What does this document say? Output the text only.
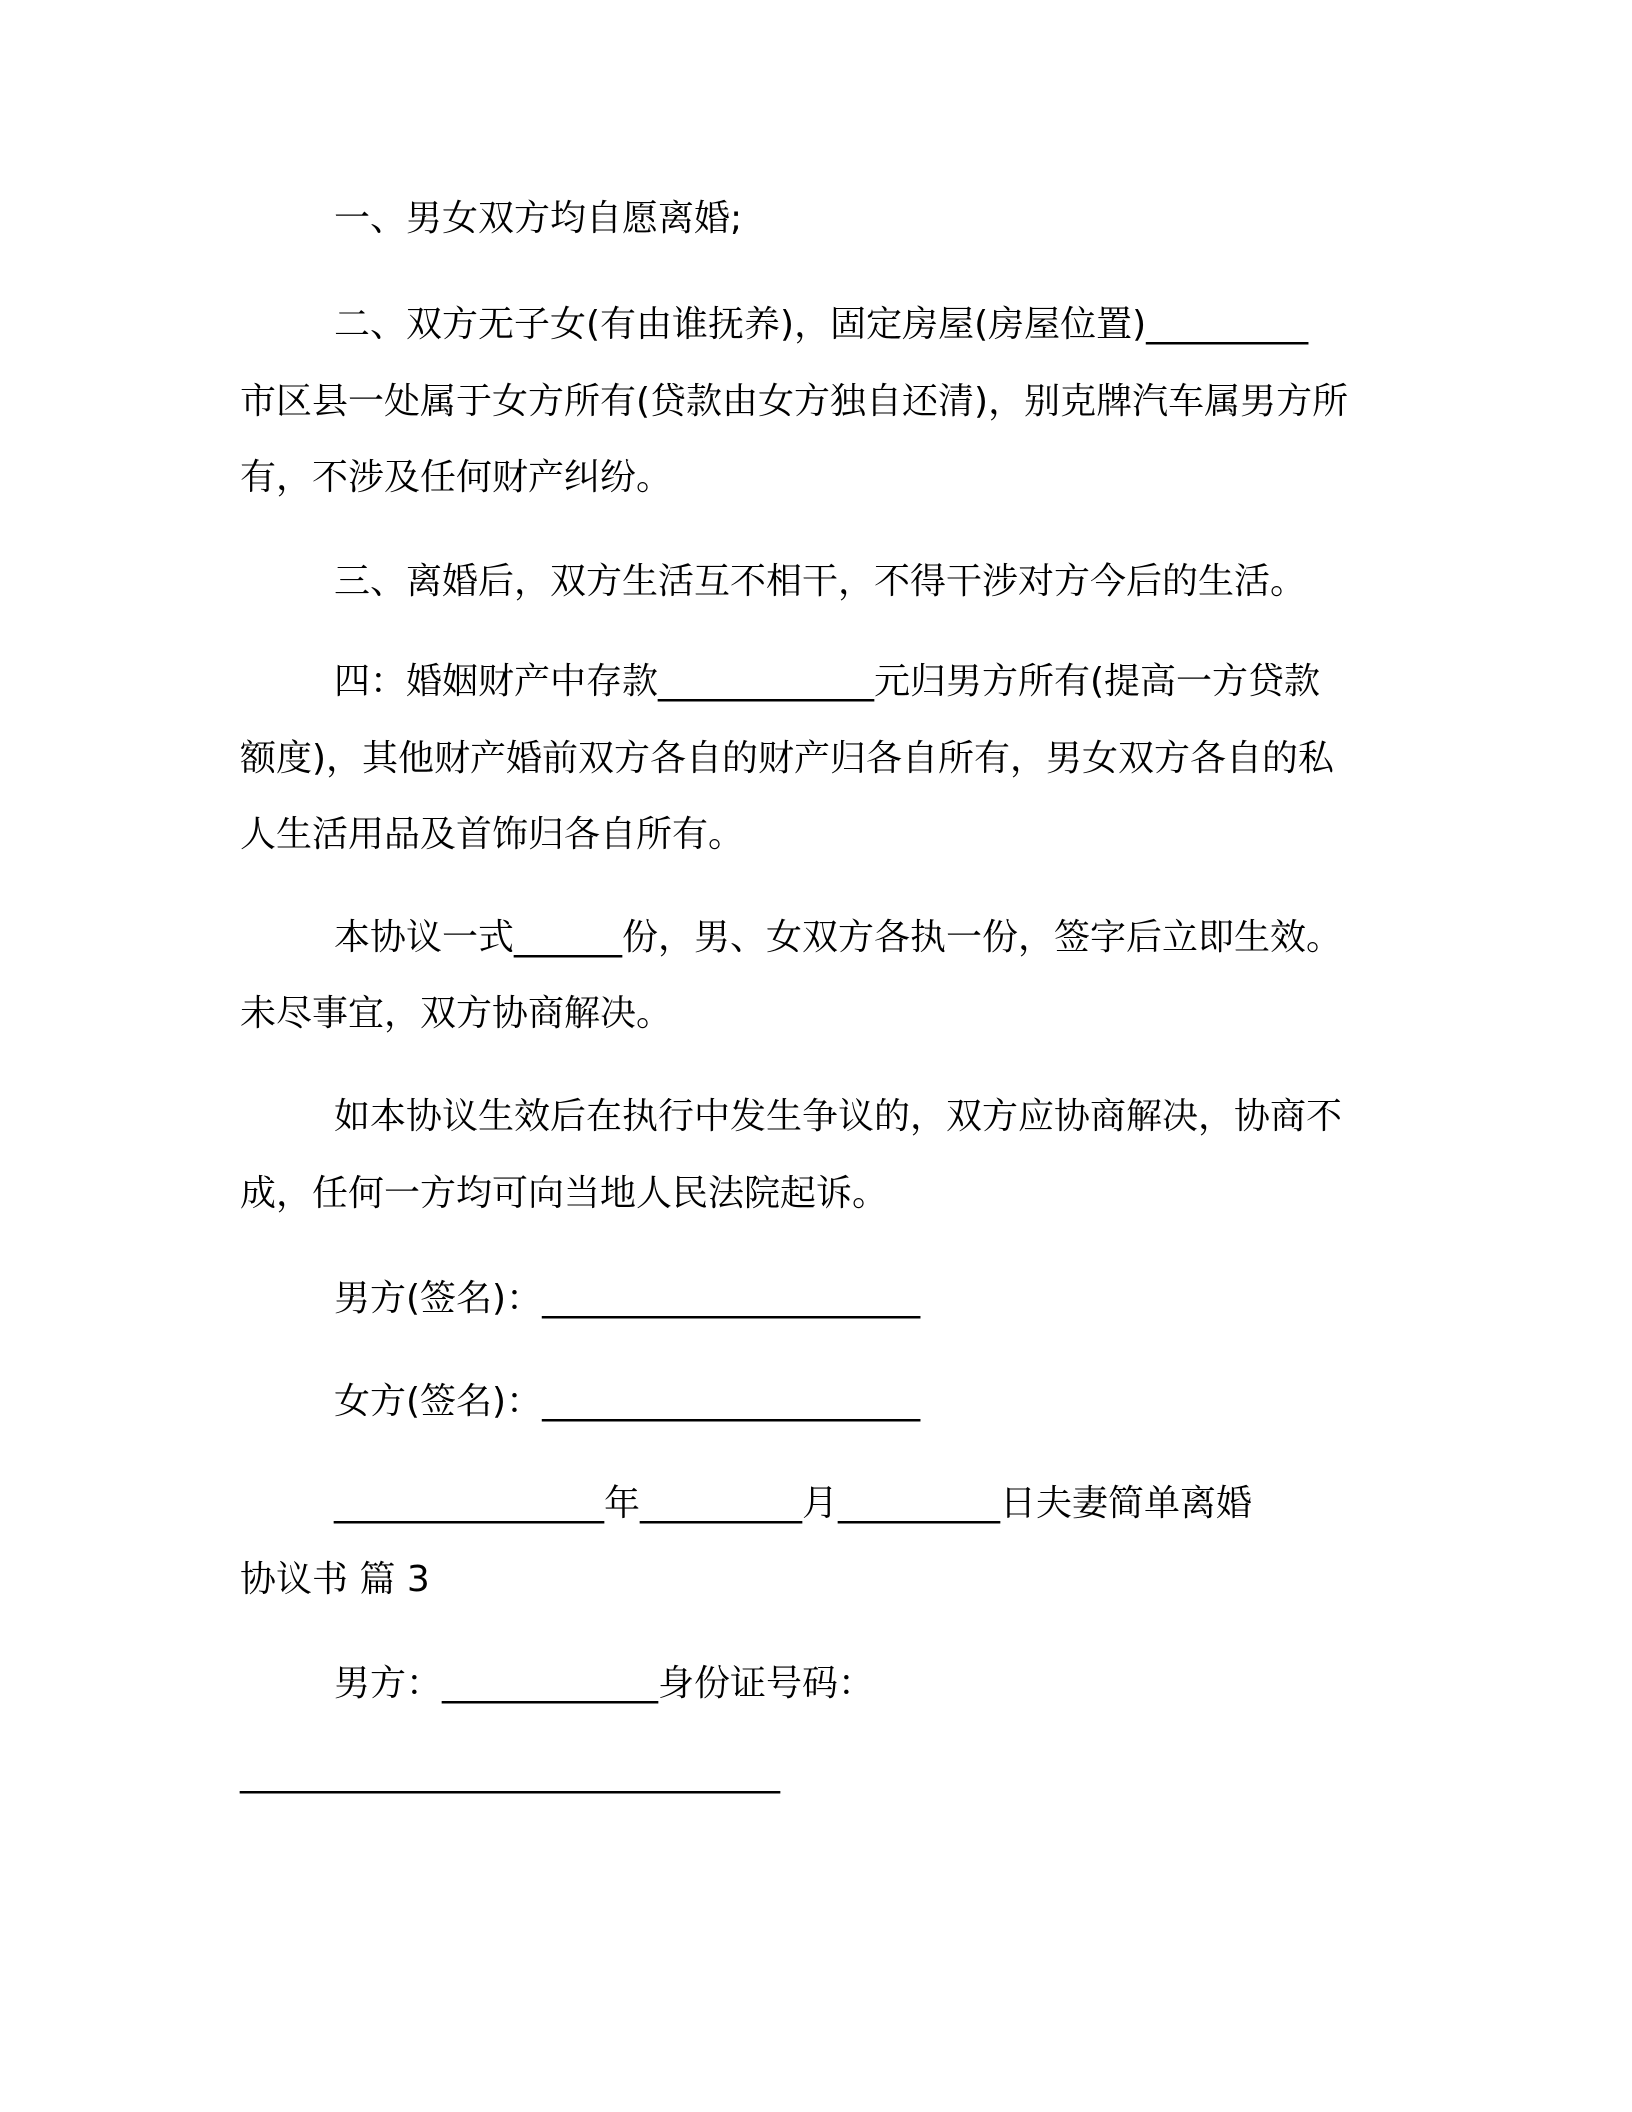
一、男女双方均自愿离婚;
二、双方无子女(有由谁抚养)，固定房屋(房屋位置)_________
市区县一处属于女方所有(贷款由女方独自还清)，别克牌汽车属男方所
有，不涉及任何财产纠纷。
三、离婚后，双方生活互不相干，不得干涉对方今后的生活。
四：婚姻财产中存款____________元归男方所有(提高一方贷款
额度)，其他财产婚前双方各自的财产归各自所有，男女双方各自的私
人生活用品及首饰归各自所有。
本协议一式______份，男、女双方各执一份，签字后立即生效。
未尽事宜，双方协商解决。
如本协议生效后在执行中发生争议的，双方应协商解决，协商不
成，任何一方均可向当地人民法院起诉。
男方(签名)：_____________________
女方(签名)：_____________________
_______________年_________月_________日夫妻简单离婚
协议书 篇 3
男方：____________身份证号码：
______________________________
